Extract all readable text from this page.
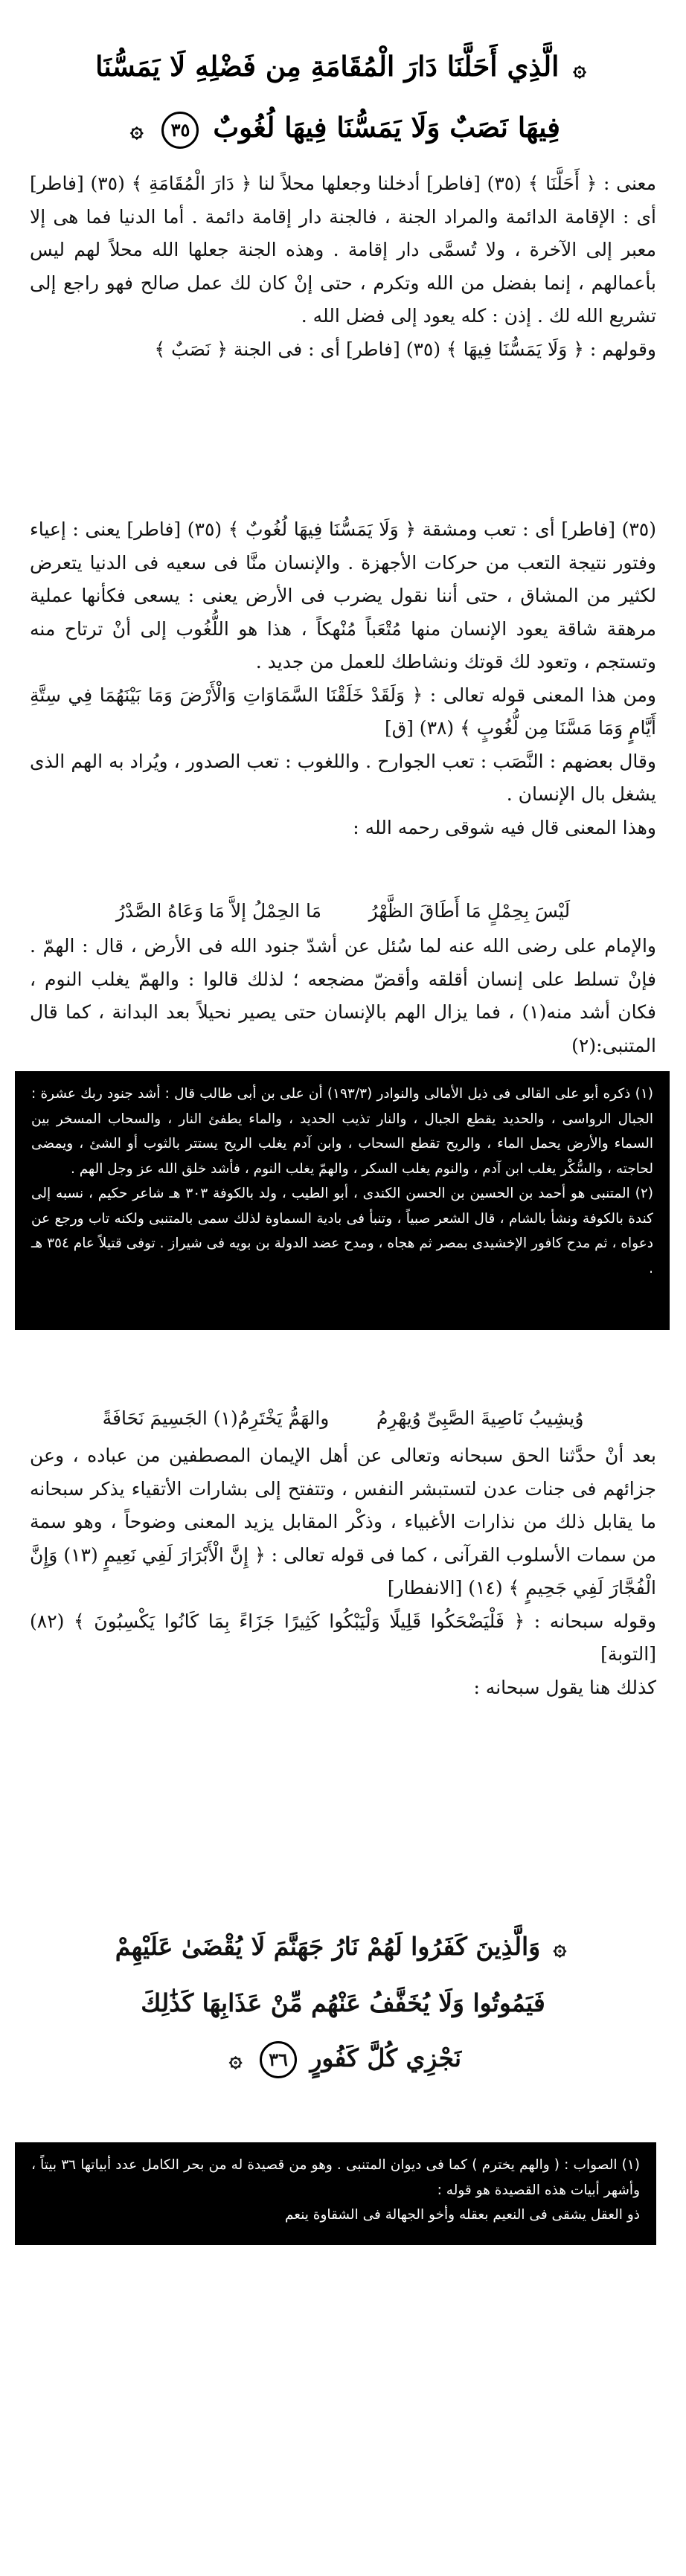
۞ الَّذِي أَحَلَّنَا دَارَ الْمُقَامَةِ مِن فَضْلِهِ لَا يَمَسُّنَا
فِيهَا نَصَبٌ وَلَا يَمَسُّنَا فِيهَا لُغُوبٌ ٣٥ ۞

معنى : ﴿ أَحَلَّنَا ﴾ (٣٥) [فاطر] أدخلنا وجعلها محلاً لنا ﴿ دَارَ الْمُقَامَةِ ﴾ (٣٥) [فاطر] أى : الإقامة الدائمة والمراد الجنة ، فالجنة دار إقامة دائمة . أما الدنيا فما هى إلا معبر إلى الآخرة ، ولا تُسمَّى دار إقامة . وهذه الجنة جعلها الله محلاً لهم ليس بأعمالهم ، إنما بفضل من الله وتكرم ، حتى إنْ كان لك عمل صالح فهو راجع إلى تشريع الله لك . إذن : كله يعود إلى فضل الله .

وقولهم : ﴿ وَلَا يَمَسُّنَا فِيهَا ﴾ (٣٥) [فاطر] أى : فى الجنة ﴿ نَصَبٌ ﴾

(٣٥) [فاطر] أى : تعب ومشقة ﴿ وَلَا يَمَسُّنَا فِيهَا لُغُوبٌ ﴾ (٣٥) [فاطر] يعنى : إعياء وفتور نتيجة التعب من حركات الأجهزة . والإنسان منَّا فى سعيه فى الدنيا يتعرض لكثير من المشاق ، حتى أننا نقول يضرب فى الأرض يعنى : يسعى فكأنها عملية مرهقة شاقة يعود الإنسان منها مُتْعَباً مُنْهكاً ، هذا هو اللُّغُوب إلى أنْ ترتاح منه وتستجم ، وتعود لك قوتك ونشاطك للعمل من جديد .

ومن هذا المعنى قوله تعالى : ﴿ وَلَقَدْ خَلَقْنَا السَّمَاوَاتِ وَالْأَرْضَ وَمَا بَيْنَهُمَا فِي سِتَّةِ أَيَّامٍ وَمَا مَسَّنَا مِن لُّغُوبٍ ﴾ (٣٨) [ق]

وقال بعضهم : النَّصَب : تعب الجوارح . واللغوب : تعب الصدور ، ويُراد به الهم الذى يشغل بال الإنسان .

وهذا المعنى قال فيه شوقى رحمه الله :

لَيْسَ بِحِمْلٍ مَا أَطَاقَ الظَّهْرُ        مَا الحِمْلُ إلاَّ مَا وَعَاهُ الصَّدْرُ

والإمام على رضى الله عنه لما سُئل عن أشدّ جنود الله فى الأرض ، قال : الهمّ . فإنْ تسلط على إنسان أقلقه وأقضّ مضجعه ؛ لذلك قالوا : والهمّ يغلب النوم ، فكان أشد منه(١) ، فما يزال الهم بالإنسان حتى يصير نحيلاً بعد البدانة ، كما قال المتنبى:(٢)

(١) ذكره أبو على القالى فى ذيل الأمالى والنوادر (١٩٣/٣) أن على بن أبى طالب قال : أشد جنود ربك عشرة : الجبال الرواسى ، والحديد يقطع الجبال ، والنار تذيب الحديد ، والماء يطفئ النار ، والسحاب المسخر بين السماء والأرض يحمل الماء ، والريح تقطع السحاب ، وابن آدم يغلب الريح يستتر بالثوب أو الشئ ، ويمضى لحاجته ، والسُّكْر يغلب ابن آدم ، والنوم يغلب السكر ، والهمّ يغلب النوم ، فأشد خلق الله عز وجل الهم .

(٢) المتنبى هو أحمد بن الحسين بن الحسن الكندى ، أبو الطيب ، ولد بالكوفة ٣٠٣ هـ شاعر حكيم ، نسبه إلى كندة بالكوفة ونشأ بالشام ، قال الشعر صبياً ، وتنبأ فى بادية السماوة لذلك سمى بالمتنبى ولكنه تاب ورجع عن دعواه ، ثم مدح كافور الإخشيدى بمصر ثم هجاه ، ومدح عضد الدولة بن بويه فى شيراز . توفى قتيلاً عام ٣٥٤ هـ .

وُيشِيبُ نَاصِيةَ الصَّبِىِّ وُيهْرِمُ        والهَمُّ يَخْتَرِمُ(١) الجَسِيمَ نَحَافَةً

بعد أنْ حدَّثنا الحق سبحانه وتعالى عن أهل الإيمان المصطفين من عباده ، وعن جزائهم فى جنات عدن لتستبشر النفس ، وتتفتح إلى بشارات الأتقياء يذكر سبحانه ما يقابل ذلك من نذارات الأغبياء ، وذكْر المقابل يزيد المعنى وضوحاً ، وهو سمة من سمات الأسلوب القرآنى ، كما فى قوله تعالى : ﴿ إِنَّ الْأَبْرَارَ لَفِي نَعِيمٍ (١٣) وَإِنَّ الْفُجَّارَ لَفِي جَحِيمٍ ﴾ (١٤) [الانفطار]

وقوله سبحانه : ﴿ فَلْيَضْحَكُوا قَلِيلًا وَلْيَبْكُوا كَثِيرًا جَزَاءً بِمَا كَانُوا يَكْسِبُونَ ﴾ (٨٢) [التوبة]

كذلك هنا يقول سبحانه :

۞ وَالَّذِينَ كَفَرُوا لَهُمْ نَارُ جَهَنَّمَ لَا يُقْضَىٰ عَلَيْهِمْ
فَيَمُوتُوا وَلَا يُخَفَّفُ عَنْهُم مِّنْ عَذَابِهَا كَذَٰلِكَ
نَجْزِي كُلَّ كَفُورٍ ٣٦ ۞

(١) الصواب : ( والهم يخترم ) كما فى ديوان المتنبى . وهو من قصيدة له من بحر الكامل عدد أبياتها ٣٦ بيتاً ، وأشهر أبيات هذه القصيدة هو قوله :

ذو العقل يشقى فى النعيم بعقله وأخو الجهالة فى الشقاوة ينعم
